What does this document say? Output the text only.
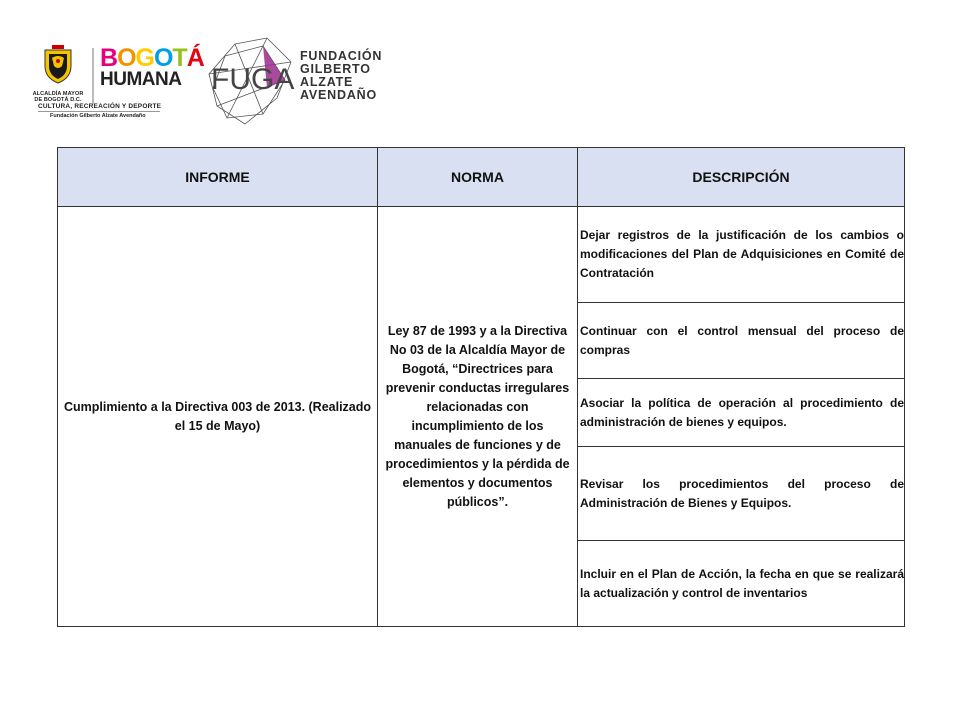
ALCALDÍA MAYOR
DE BOGOTÁ D.C.
BOGOTÁ
HUMANA
CULTURA, RECREACIÓN Y DEPORTE
Fundación Gilberto Alzate Avendaño
FUGA
FUNDACIÓN
GILBERTO
ALZATE
AVENDAÑO
INFORME	NORMA	DESCRIPCIÓN
Cumplimiento a la Directiva 003 de 2013. (Realizado el 15 de Mayo)	Ley 87 de 1993 y a la Directiva No 03 de la Alcaldía Mayor de Bogotá, “Directrices para prevenir conductas irregulares relacionadas con incumplimiento de los manuales de funciones y de procedimientos y la pérdida de elementos y documentos públicos”.	Dejar registros de la justificación de los cambios o modificaciones del Plan de Adquisiciones en Comité de Contratación
		Continuar con el control mensual del proceso de compras
		Asociar la política de operación al procedimiento de administración de bienes y equipos.
		Revisar los procedimientos del proceso de Administración de Bienes y Equipos.
		Incluir en el Plan de Acción, la fecha en que se realizará la actualización y control de inventarios
